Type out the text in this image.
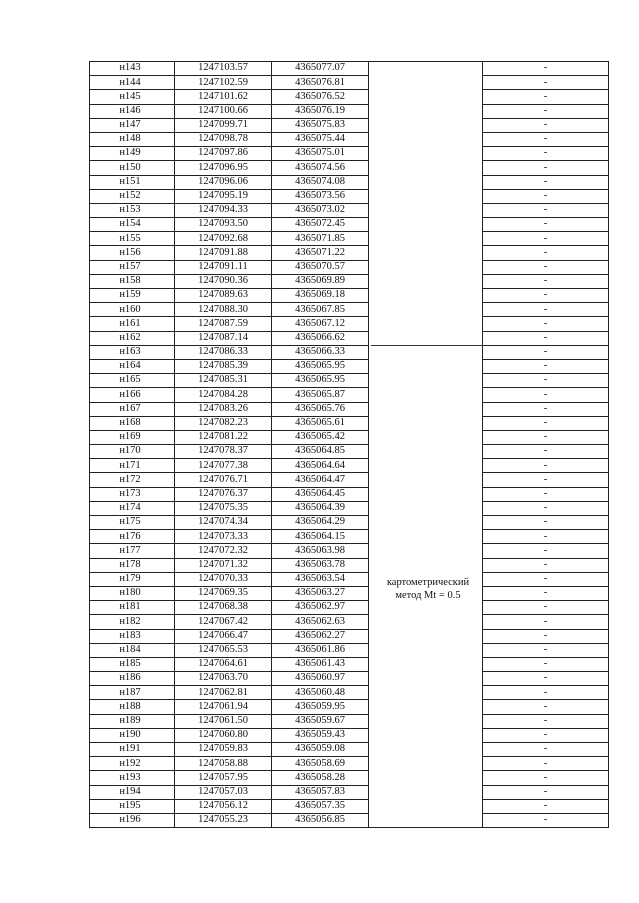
н143	1247103.57	4365077.07		-
н144	1247102.59	4365076.81		-
н145	1247101.62	4365076.52		-
н146	1247100.66	4365076.19		-
н147	1247099.71	4365075.83		-
н148	1247098.78	4365075.44		-
н149	1247097.86	4365075.01		-
н150	1247096.95	4365074.56		-
н151	1247096.06	4365074.08		-
н152	1247095.19	4365073.56		-
н153	1247094.33	4365073.02		-
н154	1247093.50	4365072.45		-
н155	1247092.68	4365071.85		-
н156	1247091.88	4365071.22		-
н157	1247091.11	4365070.57		-
н158	1247090.36	4365069.89		-
н159	1247089.63	4365069.18		-
н160	1247088.30	4365067.85		-
н161	1247087.59	4365067.12		-
н162	1247087.14	4365066.62		-
н163	1247086.33	4365066.33		-
н164	1247085.39	4365065.95		-
н165	1247085.31	4365065.95		-
н166	1247084.28	4365065.87		-
н167	1247083.26	4365065.76		-
н168	1247082.23	4365065.61		-
н169	1247081.22	4365065.42		-
н170	1247078.37	4365064.85		-
н171	1247077.38	4365064.64		-
н172	1247076.71	4365064.47		-
н173	1247076.37	4365064.45		-
н174	1247075.35	4365064.39		-
н175	1247074.34	4365064.29		-
н176	1247073.33	4365064.15		-
н177	1247072.32	4365063.98		-
н178	1247071.32	4365063.78		-
н179	1247070.33	4365063.54		-
н180	1247069.35	4365063.27		-
н181	1247068.38	4365062.97		-
н182	1247067.42	4365062.63		-
н183	1247066.47	4365062.27		-
н184	1247065.53	4365061.86		-
н185	1247064.61	4365061.43		-
н186	1247063.70	4365060.97		-
н187	1247062.81	4365060.48		-
н188	1247061.94	4365059.95		-
н189	1247061.50	4365059.67		-
н190	1247060.80	4365059.43		-
н191	1247059.83	4365059.08		-
н192	1247058.88	4365058.69		-
н193	1247057.95	4365058.28		-
н194	1247057.03	4365057.83		-
н195	1247056.12	4365057.35		-
н196	1247055.23	4365056.85		-
картометрический
метод Mt = 0.5
